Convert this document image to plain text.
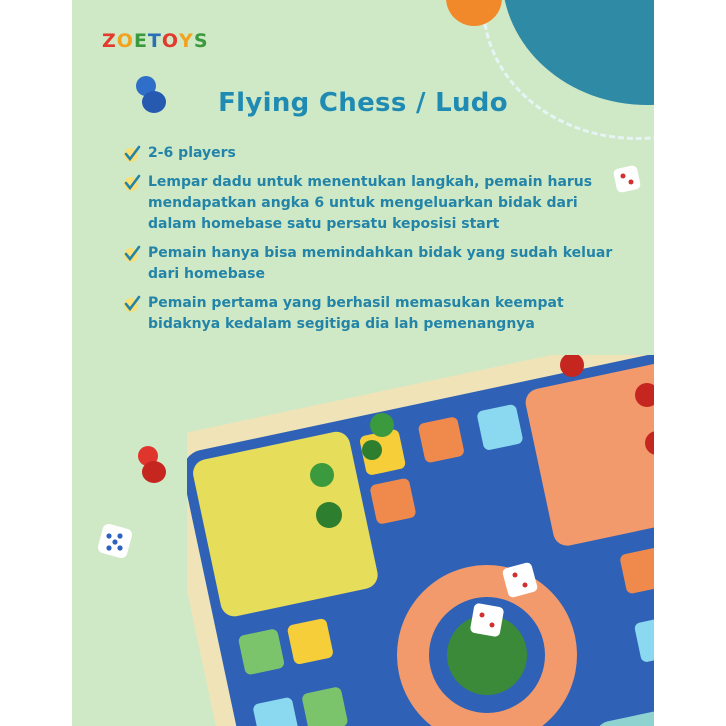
ZOETOYS
Flying Chess / Ludo
2-6 players
Lempar dadu untuk menentukan langkah, pemain harus mendapatkan angka 6 untuk mengeluarkan bidak dari dalam homebase satu persatu keposisi start
Pemain hanya bisa memindahkan bidak yang sudah keluar dari homebase
Pemain pertama yang berhasil memasukan keempat bidaknya kedalam segitiga dia lah pemenangnya
